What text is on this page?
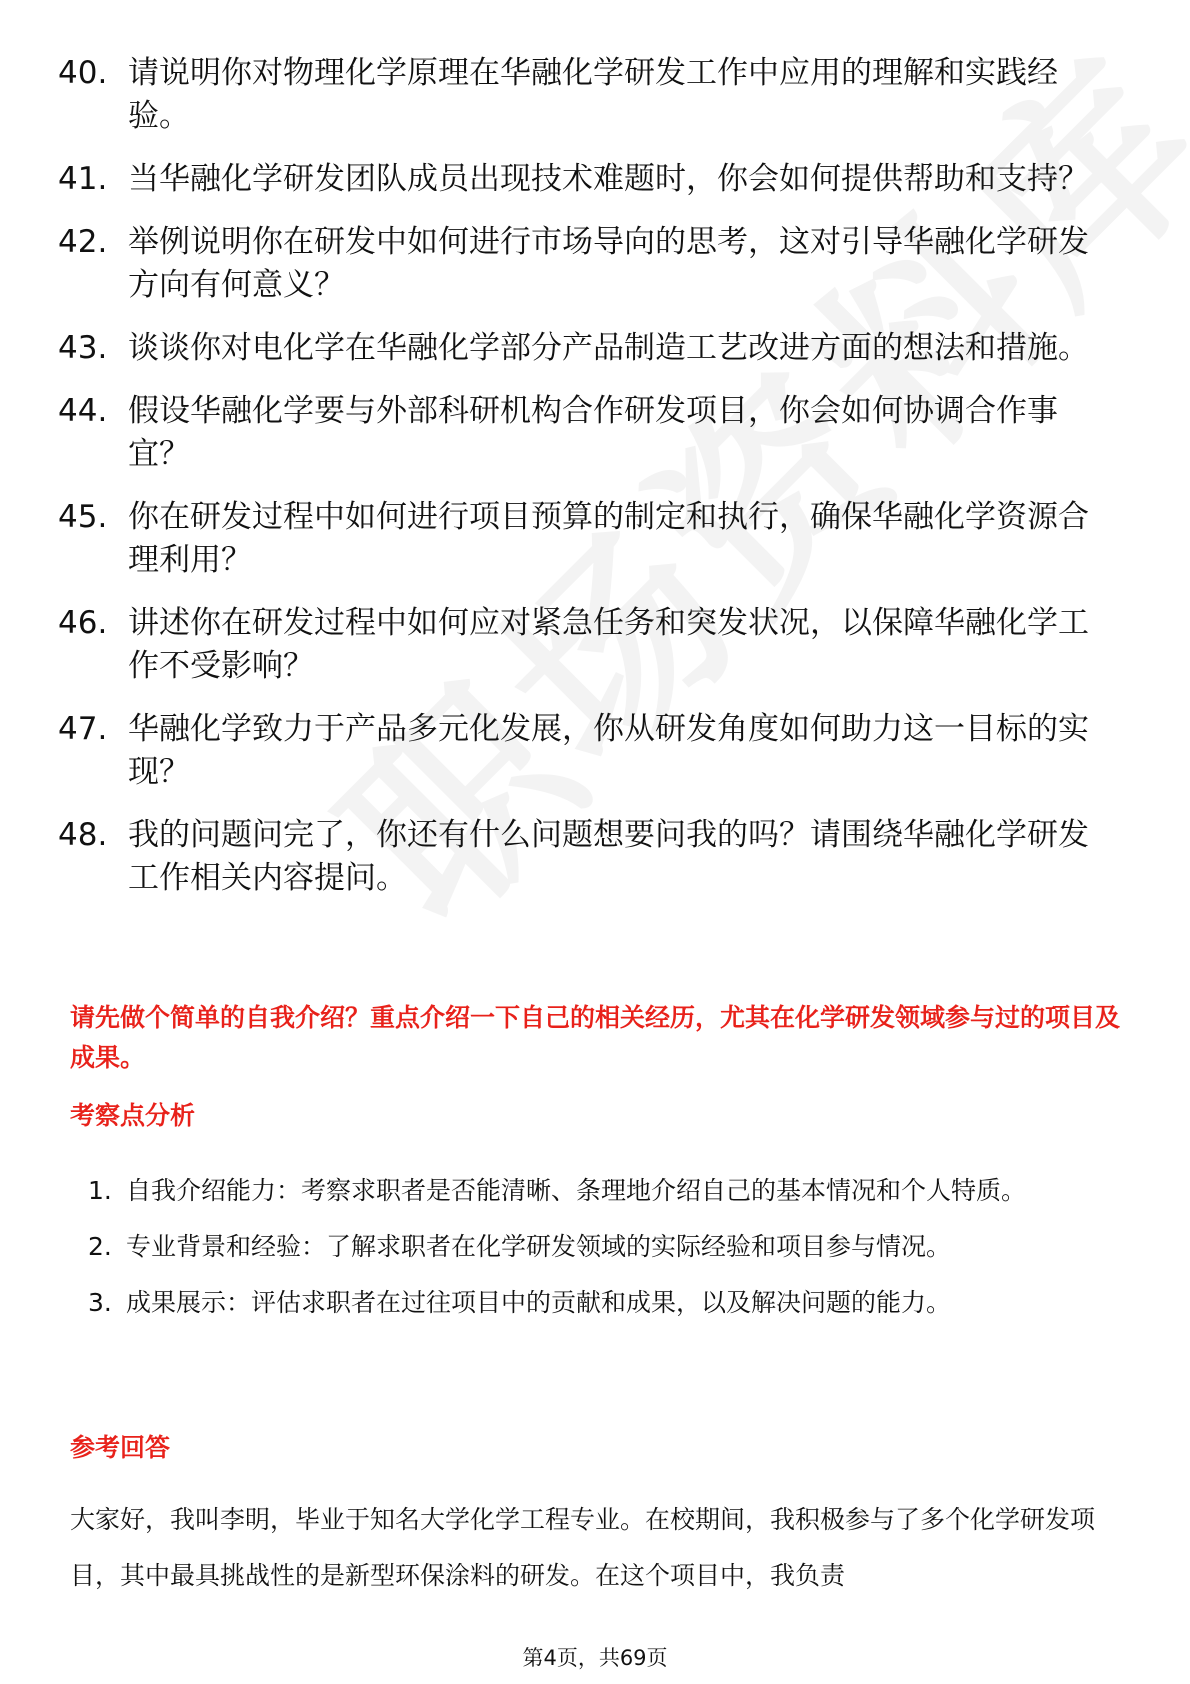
40. 请说明你对物理化学原理在华融化学研发工作中应用的理解和实践经验。
41. 当华融化学研发团队成员出现技术难题时，你会如何提供帮助和支持？
42. 举例说明你在研发中如何进行市场导向的思考，这对引导华融化学研发方向有何意义？
43. 谈谈你对电化学在华融化学部分产品制造工艺改进方面的想法和措施。
44. 假设华融化学要与外部科研机构合作研发项目，你会如何协调合作事宜？
45. 你在研发过程中如何进行项目预算的制定和执行，确保华融化学资源合理利用？
46. 讲述你在研发过程中如何应对紧急任务和突发状况，以保障华融化学工作不受影响？
47. 华融化学致力于产品多元化发展，你从研发角度如何助力这一目标的实现？
48. 我的问题问完了，你还有什么问题想要问我的吗？请围绕华融化学研发工作相关内容提问。
请先做个简单的自我介绍？重点介绍一下自己的相关经历，尤其在化学研发领域参与过的项目及成果。
考察点分析
1. 自我介绍能力：考察求职者是否能清晰、条理地介绍自己的基本情况和个人特质。
2. 专业背景和经验：了解求职者在化学研发领域的实际经验和项目参与情况。
3. 成果展示：评估求职者在过往项目中的贡献和成果，以及解决问题的能力。
参考回答
大家好，我叫李明，毕业于知名大学化学工程专业。在校期间，我积极参与了多个化学研发项目，其中最具挑战性的是新型环保涂料的研发。在这个项目中，我负责
第4页，共69页
